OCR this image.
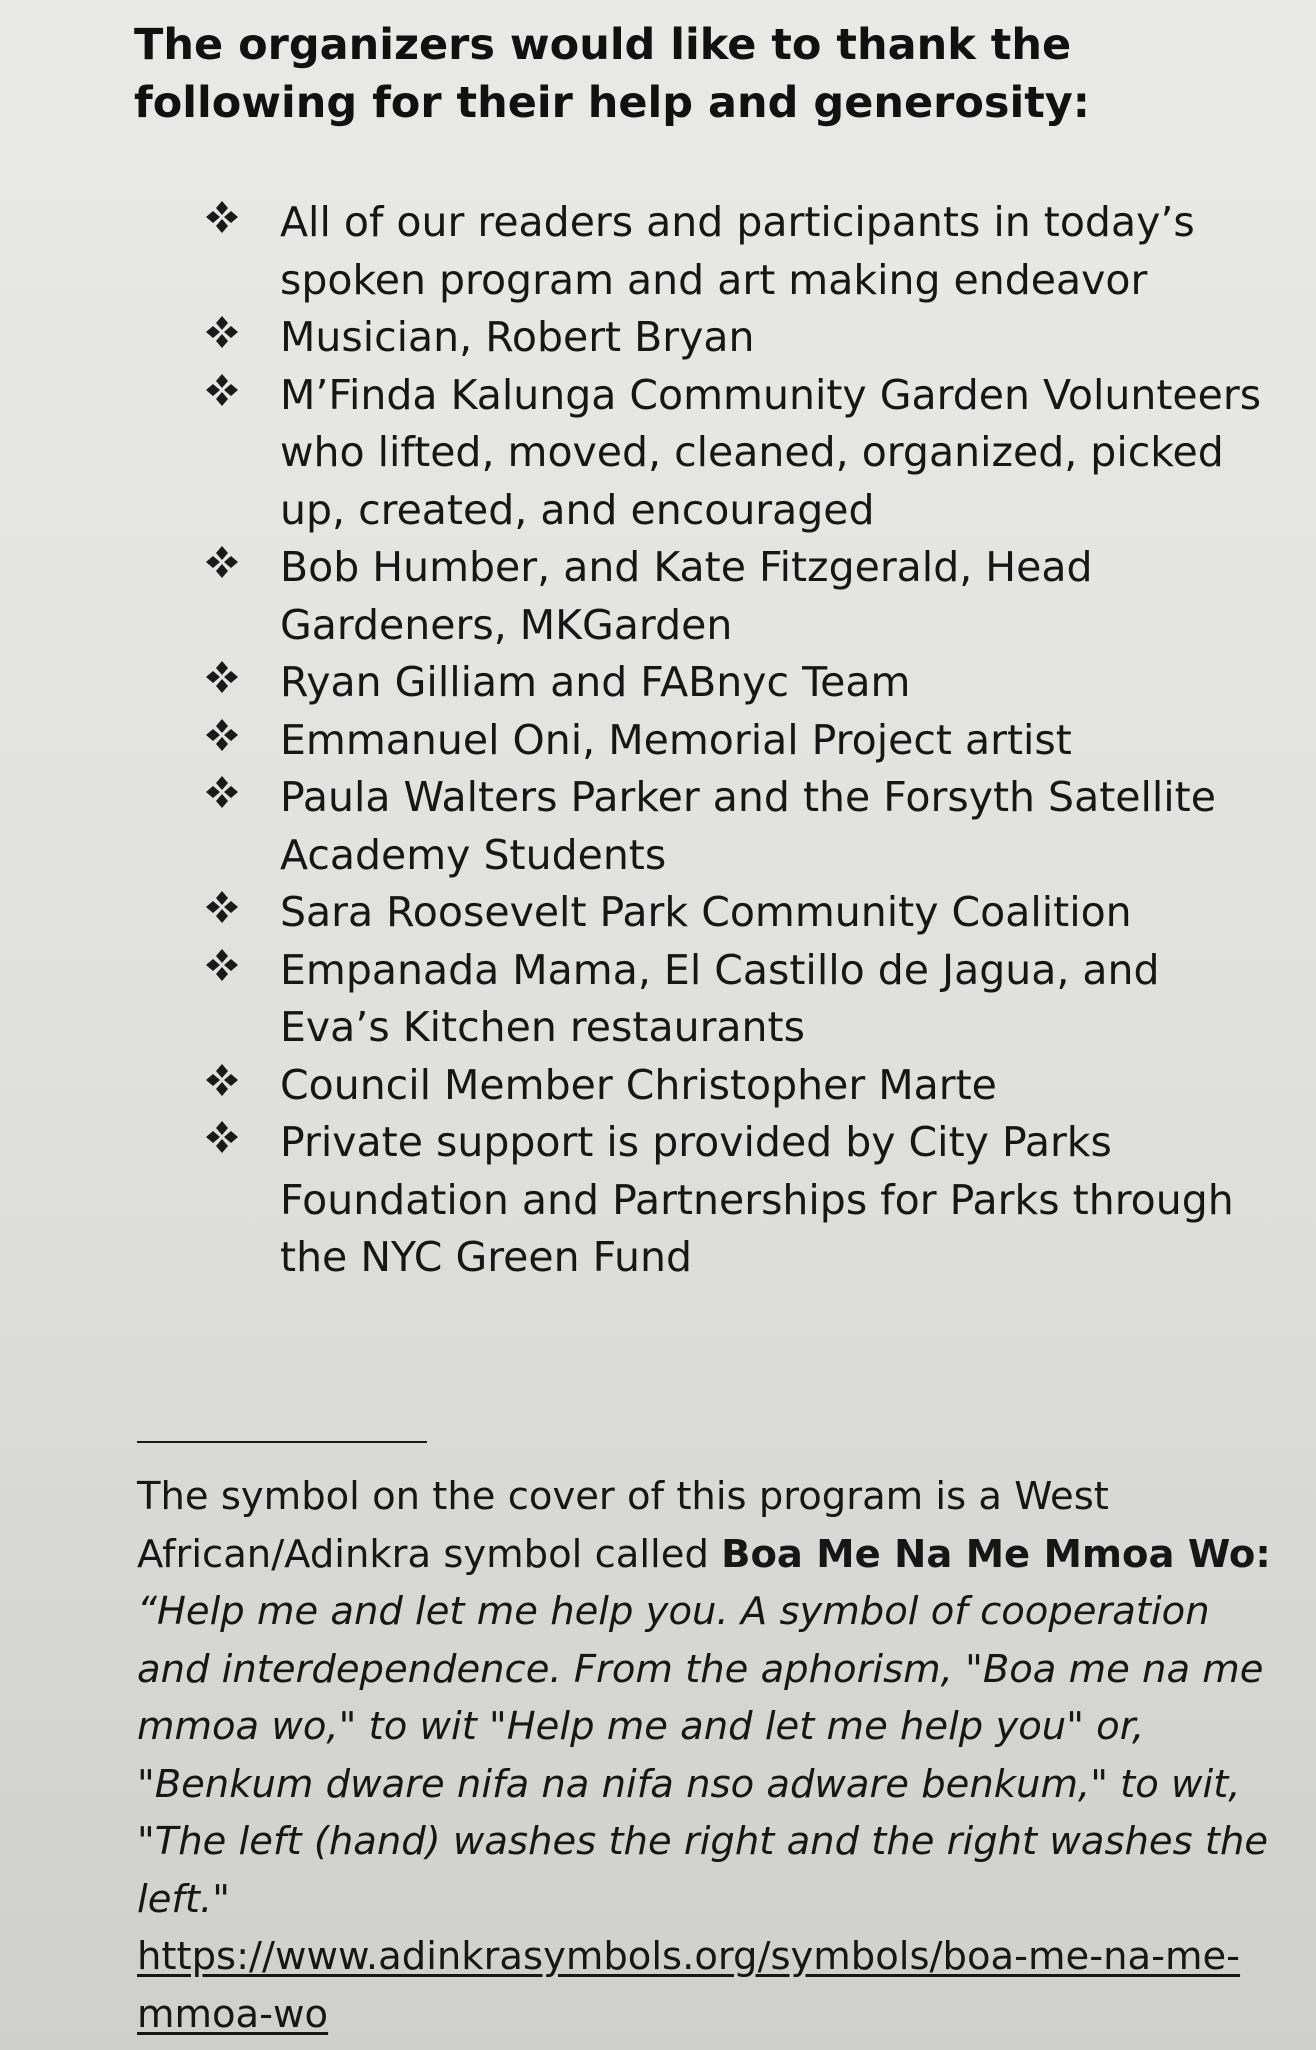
The organizers would like to thank the following for their help and generosity:
All of our readers and participants in today’s spoken program and art making endeavor
Musician, Robert Bryan
M’Finda Kalunga Community Garden Volunteers who lifted, moved, cleaned, organized, picked up, created, and encouraged
Bob Humber, and Kate Fitzgerald, Head Gardeners, MKGarden
Ryan Gilliam and FABnyc Team
Emmanuel Oni, Memorial Project artist
Paula Walters Parker and the Forsyth Satellite Academy Students
Sara Roosevelt Park Community Coalition
Empanada Mama, El Castillo de Jagua, and Eva’s Kitchen restaurants
Council Member Christopher Marte
Private support is provided by City Parks Foundation and Partnerships for Parks through the NYC Green Fund

The symbol on the cover of this program is a West African/Adinkra symbol called Boa Me Na Me Mmoa Wo: “Help me and let me help you. A symbol of cooperation and interdependence. From the aphorism, "Boa me na me mmoa wo," to wit "Help me and let me help you" or, "Benkum dware nifa na nifa nso adware benkum," to wit, "The left (hand) washes the right and the right washes the left."
https://www.adinkrasymbols.org/symbols/boa-me-na-me-mmoa-wo
